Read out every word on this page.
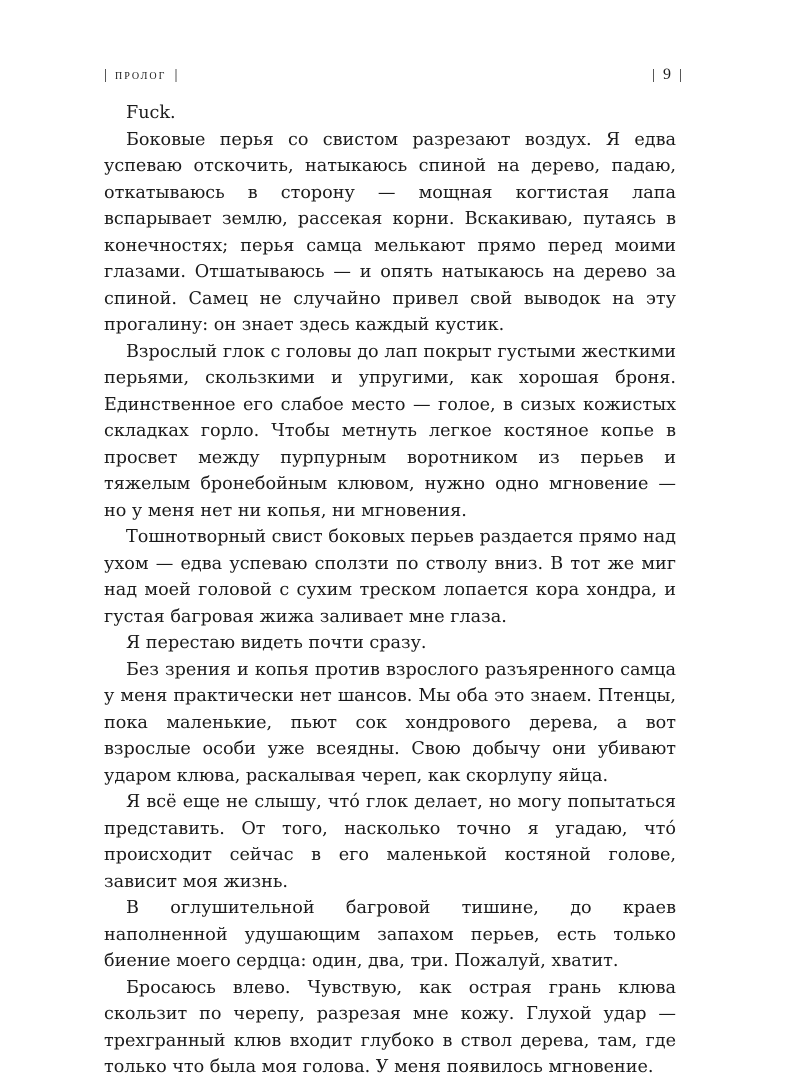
| пролог |	| 9 |

Fuck.

Боковые перья со свистом разрезают воздух. Я едва успеваю отскочить, натыкаюсь спиной на дерево, падаю, откатываюсь в сторону — мощная когтистая лапа вспарывает землю, рассекая корни. Вскакиваю, путаясь в конечностях; перья самца мелькают прямо перед моими глазами. Отшатываюсь — и опять натыкаюсь на дерево за спиной. Самец не случайно привел свой выводок на эту прогалину: он знает здесь каждый кустик.

Взрослый глок с головы до лап покрыт густыми жесткими перьями, скользкими и упругими, как хорошая броня. Единственное его слабое место — голое, в сизых кожистых складках горло. Чтобы метнуть легкое костяное копье в просвет между пурпурным воротником из перьев и тяжелым бронебойным клювом, нужно одно мгновение — но у меня нет ни копья, ни мгновения.

Тошнотворный свист боковых перьев раздается прямо над ухом — едва успеваю сползти по стволу вниз. В тот же миг над моей головой с сухим треском лопается кора хондра, и густая багровая жижа заливает мне глаза.

Я перестаю видеть почти сразу.

Без зрения и копья против взрослого разъяренного самца у меня практически нет шансов. Мы оба это знаем. Птенцы, пока маленькие, пьют сок хондрового дерева, а вот взрослые особи уже всеядны. Свою добычу они убивают ударом клюва, раскалывая череп, как скорлупу яйца.

Я всё еще не слышу, что́ глок делает, но могу попытаться представить. От того, насколько точно я угадаю, что́ происходит сейчас в его маленькой костяной голове, зависит моя жизнь.

В оглушительной багровой тишине, до краев наполненной удушающим запахом перьев, есть только биение моего сердца: один, два, три. Пожалуй, хватит.

Бросаюсь влево. Чувствую, как острая грань клюва скользит по черепу, разрезая мне кожу. Глухой удар — трехгранный клюв входит глубоко в ствол дерева, там, где только что была моя голова. У меня появилось мгновение.
